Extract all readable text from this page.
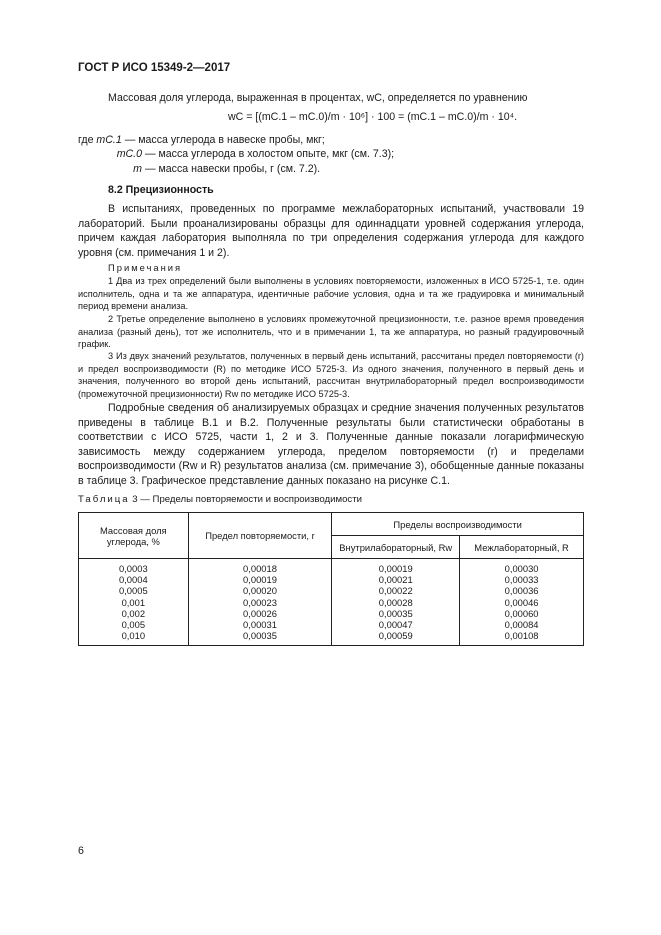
ГОСТ Р ИСО 15349-2—2017
Массовая доля углерода, выраженная в процентах, wC, определяется по уравнению
wC = [(mC.1 – mC.0)/m · 10⁶] · 100 = (mC.1 – mC.0)/m · 10⁴.
где mC.1 — масса углерода в навеске пробы, мкг;
mC.0 — масса углерода в холостом опыте, мкг (см. 7.3);
m — масса навески пробы, г (см. 7.2).
8.2 Прецизионность
В испытаниях, проведенных по программе межлабораторных испытаний, участвовали 19 лабораторий. Были проанализированы образцы для одиннадцати уровней содержания углерода, причем каждая лаборатория выполняла по три определения содержания углерода для каждого уровня (см. примечания 1 и 2).
Примечания
1 Два из трех определений были выполнены в условиях повторяемости, изложенных в ИСО 5725-1, т.е. один исполнитель, одна и та же аппаратура, идентичные рабочие условия, одна и та же градуировка и минимальный период времени анализа.
2 Третье определение выполнено в условиях промежуточной прецизионности, т.е. разное время проведения анализа (разный день), тот же исполнитель, что и в примечании 1, та же аппаратура, но разный градуировочный график.
3 Из двух значений результатов, полученных в первый день испытаний, рассчитаны предел повторяемости (r) и предел воспроизводимости (R) по методике ИСО 5725-3. Из одного значения, полученного в первый день и значения, полученного во второй день испытаний, рассчитан внутрилабораторный предел воспроизводимости (промежуточной прецизионности) Rw по методике ИСО 5725-3.
Подробные сведения об анализируемых образцах и средние значения полученных результатов приведены в таблице В.1 и В.2. Полученные результаты были статистически обработаны в соответствии с ИСО 5725, части 1, 2 и 3. Полученные данные показали логарифмическую зависимость между содержанием углерода, пределом повторяемости (r) и пределами воспроизводимости (Rw и R) результатов анализа (см. примечание 3), обобщенные данные показаны в таблице 3. Графическое представление данных показано на рисунке С.1.
Таблица 3 — Пределы повторяемости и воспроизводимости
Массовая доля углерода, %	Предел повторяемости, r	Пределы воспроизводимости	
		Внутрилабораторный, Rw	Межлабораторный, R
0,0003	0,00018	0,00019	0,00030
0,0004	0,00019	0,00021	0,00033
0,0005	0,00020	0,00022	0,00036
0,001	0,00023	0,00028	0,00046
0,002	0,00026	0,00035	0,00060
0,005	0,00031	0,00047	0,00084
0,010	0,00035	0,00059	0,00108
6
